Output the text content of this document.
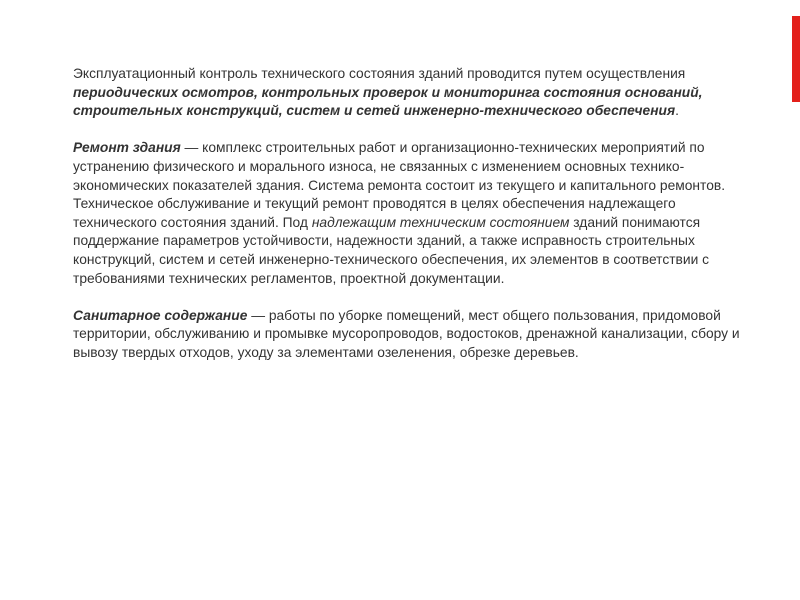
Эксплуатационный контроль технического состояния зданий проводится путем осуществления периодических осмотров, контрольных проверок и мониторинга состояния оснований, строительных конструкций, систем и сетей инженерно-технического обеспечения.

Ремонт здания — комплекс строительных работ и организационно-технических мероприятий по устранению физического и морального износа, не связанных с изменением основных технико-экономических показателей здания. Система ремонта состоит из текущего и капитального ремонтов.

Техническое обслуживание и текущий ремонт проводятся в целях обеспечения надлежащего технического состояния зданий. Под надлежащим техническим состоянием зданий понимаются поддержание параметров устойчивости, надежности зданий, а также исправность строительных конструкций, систем и сетей инженерно-технического обеспечения, их элементов в соответствии с требованиями технических регламентов, проектной документации.

Санитарное содержание — работы по уборке помещений, мест общего пользования, придомовой территории, обслуживанию и промывке мусоропроводов, водостоков, дренажной канализации, сбору и вывозу твердых отходов, уходу за элементами озеленения, обрезке деревьев.
